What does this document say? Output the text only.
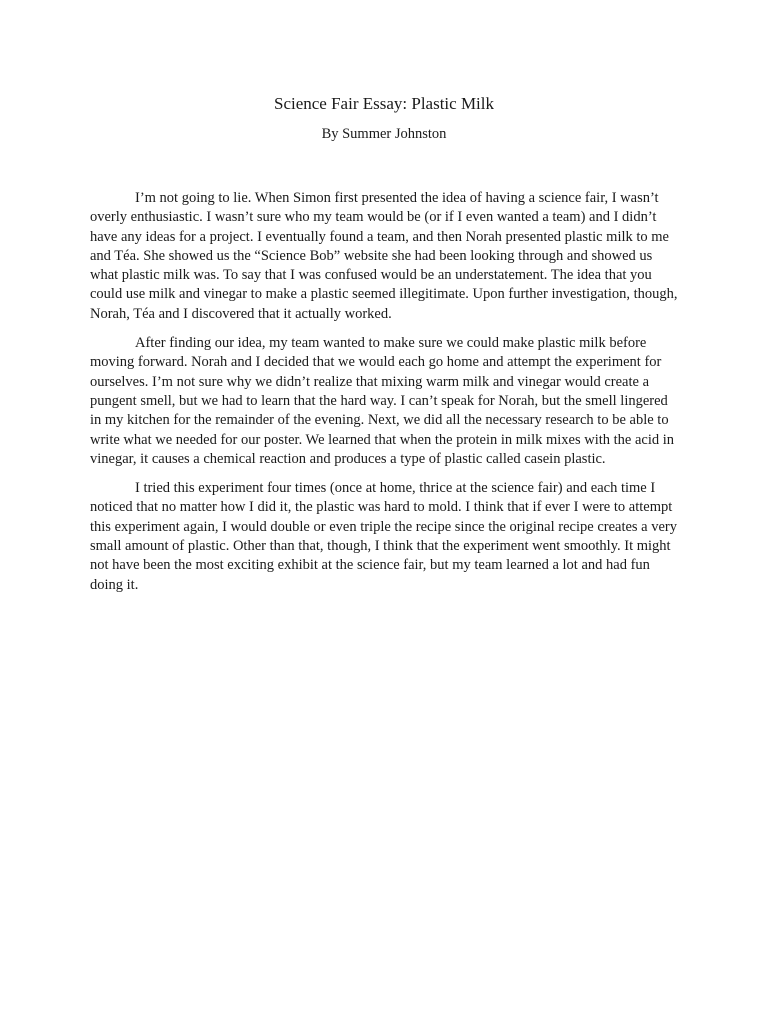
Science Fair Essay: Plastic Milk
By Summer Johnston

I’m not going to lie. When Simon first presented the idea of having a science fair, I wasn’t overly enthusiastic. I wasn’t sure who my team would be (or if I even wanted a team) and I didn’t have any ideas for a project. I eventually found a team, and then Norah presented plastic milk to me and Téa. She showed us the “Science Bob” website she had been looking through and showed us what plastic milk was. To say that I was confused would be an understatement. The idea that you could use milk and vinegar to make a plastic seemed illegitimate. Upon further investigation, though, Norah, Téa and I discovered that it actually worked.

After finding our idea, my team wanted to make sure we could make plastic milk before moving forward. Norah and I decided that we would each go home and attempt the experiment for ourselves. I’m not sure why we didn’t realize that mixing warm milk and vinegar would create a pungent smell, but we had to learn that the hard way. I can’t speak for Norah, but the smell lingered in my kitchen for the remainder of the evening. Next, we did all the necessary research to be able to write what we needed for our poster. We learned that when the protein in milk mixes with the acid in vinegar, it causes a chemical reaction and produces a type of plastic called casein plastic.

I tried this experiment four times (once at home, thrice at the science fair) and each time I noticed that no matter how I did it, the plastic was hard to mold. I think that if ever I were to attempt this experiment again, I would double or even triple the recipe since the original recipe creates a very small amount of plastic. Other than that, though, I think that the experiment went smoothly. It might not have been the most exciting exhibit at the science fair, but my team learned a lot and had fun doing it.
